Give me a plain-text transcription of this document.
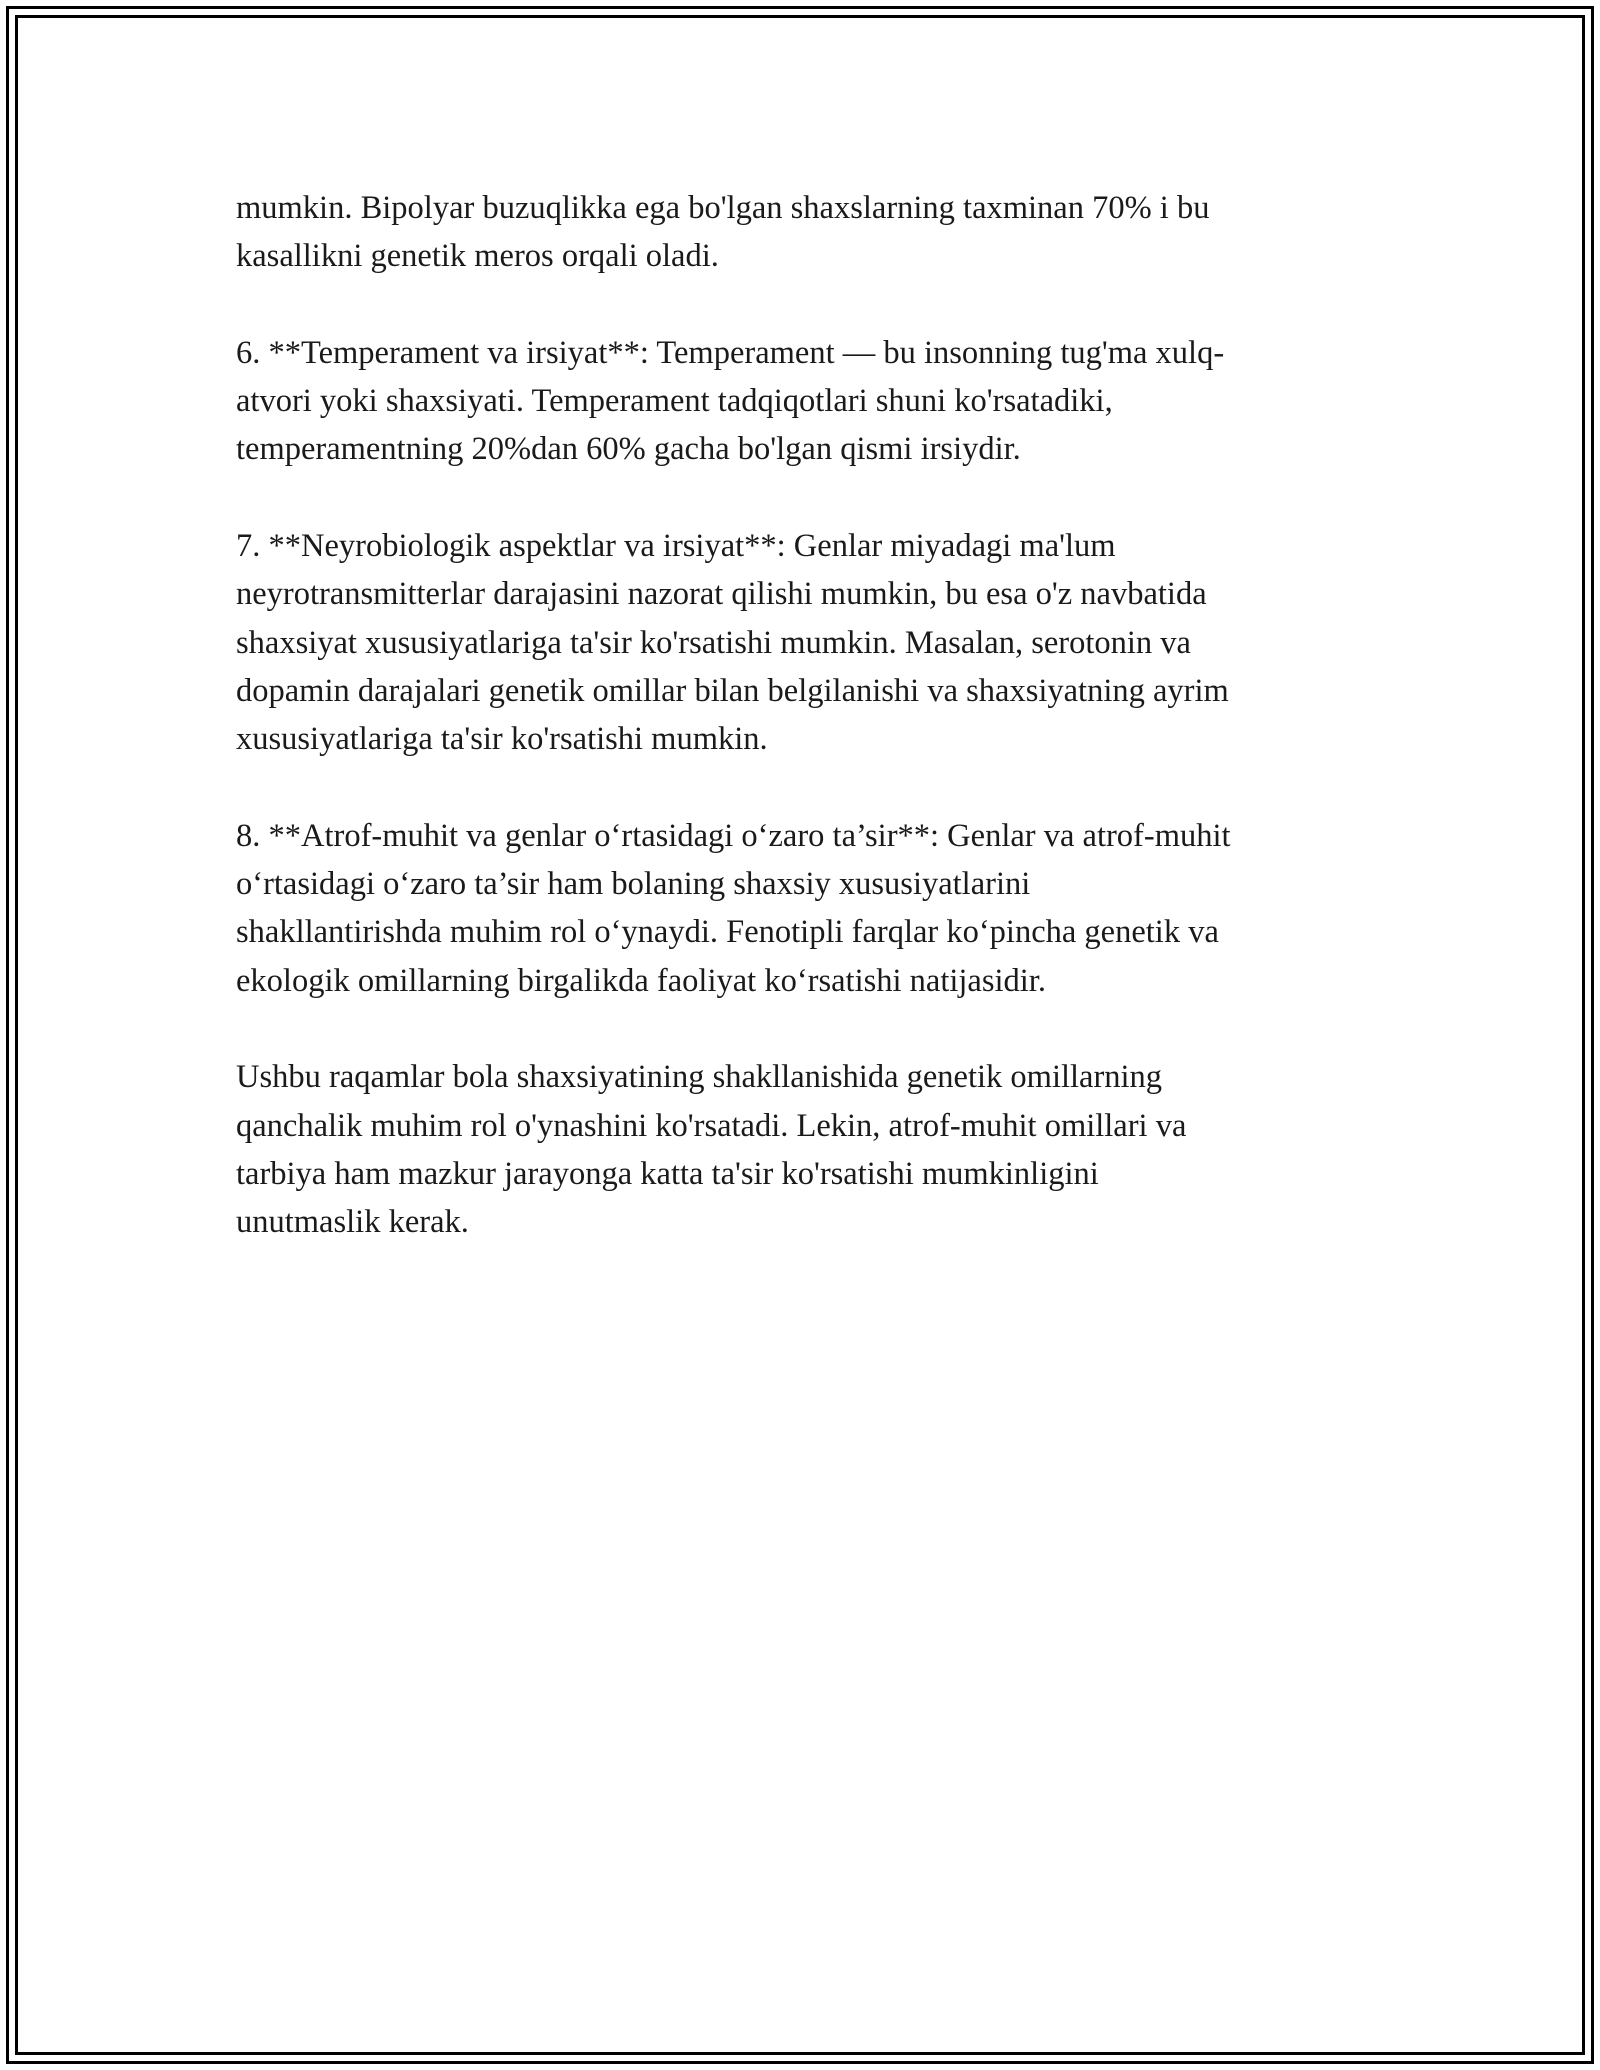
mumkin. Bipolyar buzuqlikka ega bo'lgan shaxslarning taxminan 70% i bu
kasallikni genetik meros orqali oladi.

6. **Temperament va irsiyat**: Temperament — bu insonning tug'ma xulq-
atvori yoki shaxsiyati. Temperament tadqiqotlari shuni ko'rsatadiki,
temperamentning 20%dan 60% gacha bo'lgan qismi irsiydir.

7. **Neyrobiologik aspektlar va irsiyat**: Genlar miyadagi ma'lum
neyrotransmitterlar darajasini nazorat qilishi mumkin, bu esa o'z navbatida
shaxsiyat xususiyatlariga ta'sir ko'rsatishi mumkin. Masalan, serotonin va
dopamin darajalari genetik omillar bilan belgilanishi va shaxsiyatning ayrim
xususiyatlariga ta'sir ko'rsatishi mumkin.

8. **Atrof-muhit va genlar o‘rtasidagi o‘zaro ta’sir**: Genlar va atrof-muhit
o‘rtasidagi o‘zaro ta’sir ham bolaning shaxsiy xususiyatlarini
shakllantirishda muhim rol o‘ynaydi. Fenotipli farqlar ko‘pincha genetik va
ekologik omillarning birgalikda faoliyat ko‘rsatishi natijasidir.

Ushbu raqamlar bola shaxsiyatining shakllanishida genetik omillarning
qanchalik muhim rol o'ynashini ko'rsatadi. Lekin, atrof-muhit omillari va
tarbiya ham mazkur jarayonga katta ta'sir ko'rsatishi mumkinligini
unutmaslik kerak.
